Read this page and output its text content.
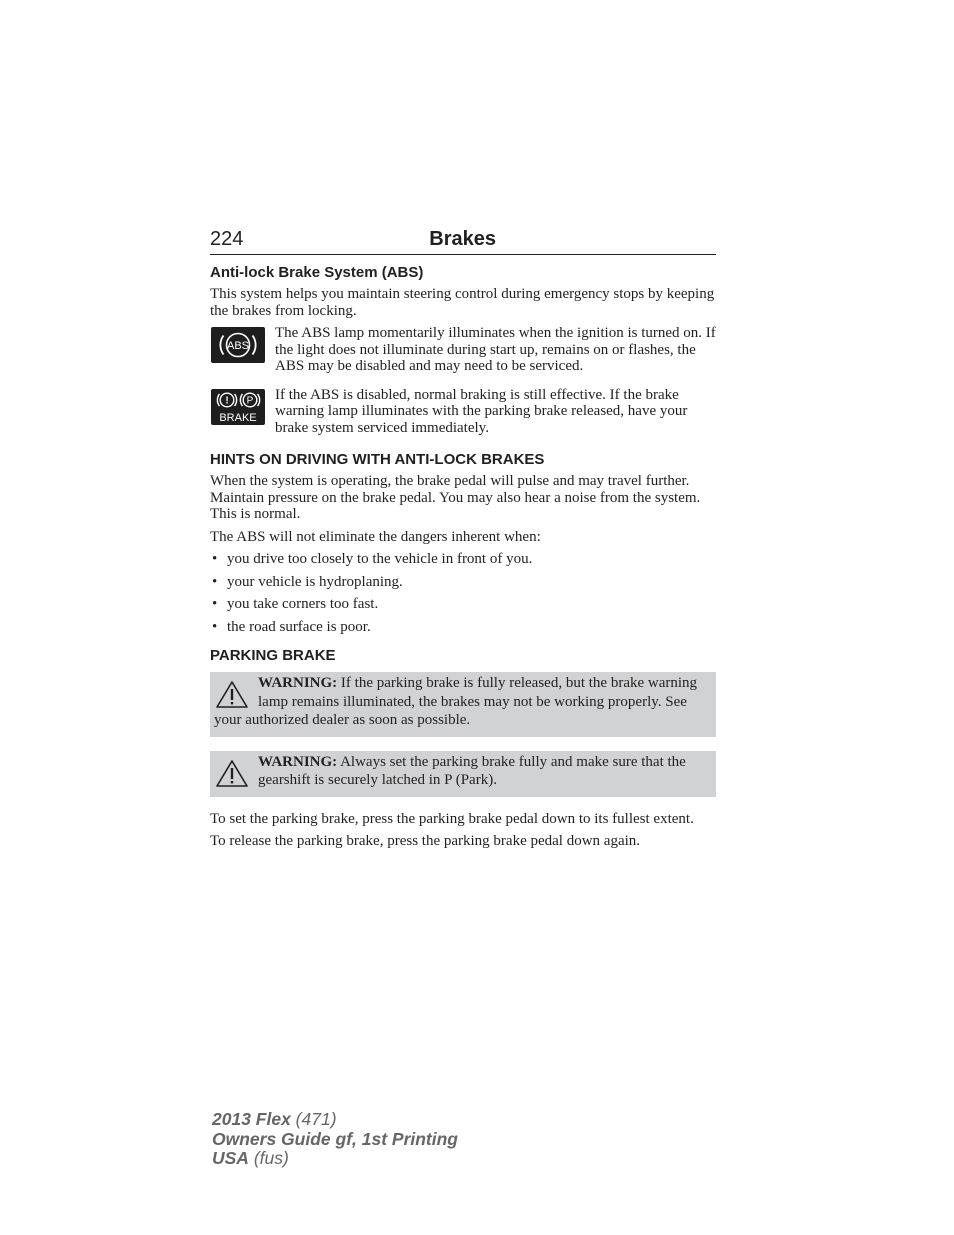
224	Brakes
Anti-lock Brake System (ABS)

This system helps you maintain steering control during emergency stops by keeping the brakes from locking.

ABS

The ABS lamp momentarily illuminates when the ignition is turned on. If the light does not illuminate during start up, remains on or flashes, the ABS may be disabled and may need to be serviced.

! P
BRAKE

If the ABS is disabled, normal braking is still effective. If the brake warning lamp illuminates with the parking brake released, have your brake system serviced immediately.

HINTS ON DRIVING WITH ANTI-LOCK BRAKES

When the system is operating, the brake pedal will pulse and may travel further. Maintain pressure on the brake pedal. You may also hear a noise from the system. This is normal.

The ABS will not eliminate the dangers inherent when:

• you drive too closely to the vehicle in front of you.
• your vehicle is hydroplaning.
• you take corners too fast.
• the road surface is poor.
PARKING BRAKE

WARNING: If the parking brake is fully released, but the brake warning lamp remains illuminated, the brakes may not be working properly. See your authorized dealer as soon as possible.

WARNING: Always set the parking brake fully and make sure that the gearshift is securely latched in P (Park).

To set the parking brake, press the parking brake pedal down to its fullest extent.

To release the parking brake, press the parking brake pedal down again.

2013 Flex (471)
Owners Guide gf, 1st Printing
USA (fus)
